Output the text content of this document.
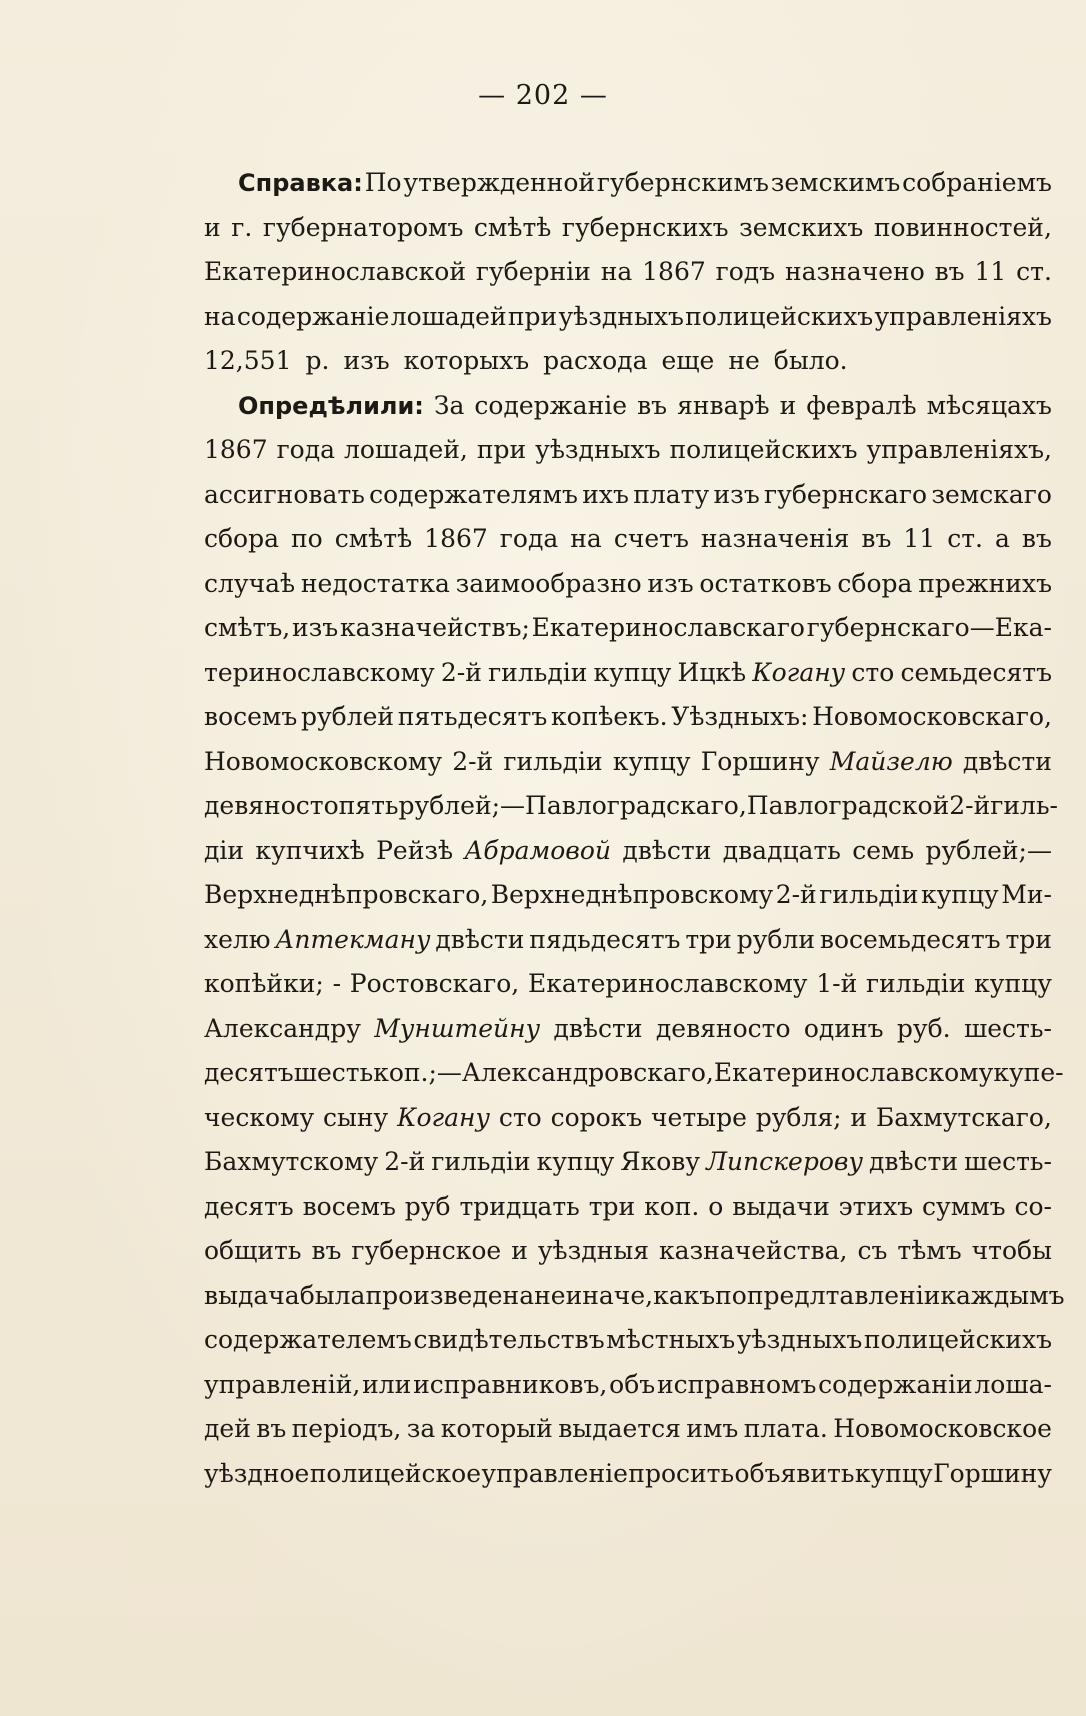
— 202 —
Справка: По утвержденной губернскимъ земскимъ собраніемъ
и г. губернаторомъ смѣтѣ губернскихъ земскихъ повинностей,
Екатеринославской губерніи на 1867 годъ назначено въ 11 ст.
на содержаніе лошадей при уѣздныхъ полицейскихъ управленіяхъ
12,551 р. изъ которыхъ расхода еще не было.
Опредѣлили: За содержаніе въ январѣ и февралѣ мѣсяцахъ
1867 года лошадей, при уѣздныхъ полицейскихъ управленіяхъ,
ассигновать содержателямъ ихъ плату изъ губернскаго земскаго
сбора по смѣтѣ 1867 года на счетъ назначенія въ 11 ст. а въ
случаѣ недостатка заимообразно изъ остатковъ сбора прежнихъ
смѣтъ, изъ казначействъ; Екатеринославскаго губернскаго—Ека-
теринославскому 2-й гильдіи купцу Ицкѣ Когану сто семьдесятъ
восемъ рублей пятьдесятъ копѣекъ. Уѣздныхъ: Новомосковскаго,
Новомосковскому 2-й гильдіи купцу Горшину Майзелю двѣсти
девяносто пять рублей;—Павлоградскаго, Павлоградской 2-й гиль-
діи купчихѣ Рейзѣ Абрамовой двѣсти двадцать семь рублей;—
Верхнеднѣпровскаго, Верхнеднѣпровскому 2-й гильдіи купцу Ми-
хелю Аптекману двѣсти пядьдесятъ три рубли восемьдесятъ три
копѣйки; - Ростовскаго, Екатеринославскому 1-й гильдіи купцу
Александру Мунштейну двѣсти девяносто одинъ руб. шесть-
десятъ шесть коп.;—Александровскаго, Екатеринославскому купе-
ческому сыну Когану сто сорокъ четыре рубля; и Бахмутскаго,
Бахмутскому 2-й гильдіи купцу Якову Липскерову двѣсти шесть-
десятъ восемъ руб тридцать три коп. о выдачи этихъ суммъ со-
общить въ губернское и уѣздныя казначейства, съ тѣмъ чтобы
выдача была произведена не иначе, какъ по предлтавленіи каждымъ
содержателемъ свидѣтельствъ мѣстныхъ уѣздныхъ полицейскихъ
управленій, или исправниковъ, объ исправномъ содержаніи лоша-
дей въ періодъ, за который выдается имъ плата. Новомосковское
уѣздное полицейское управленіе просить объявить купцу Горшину
